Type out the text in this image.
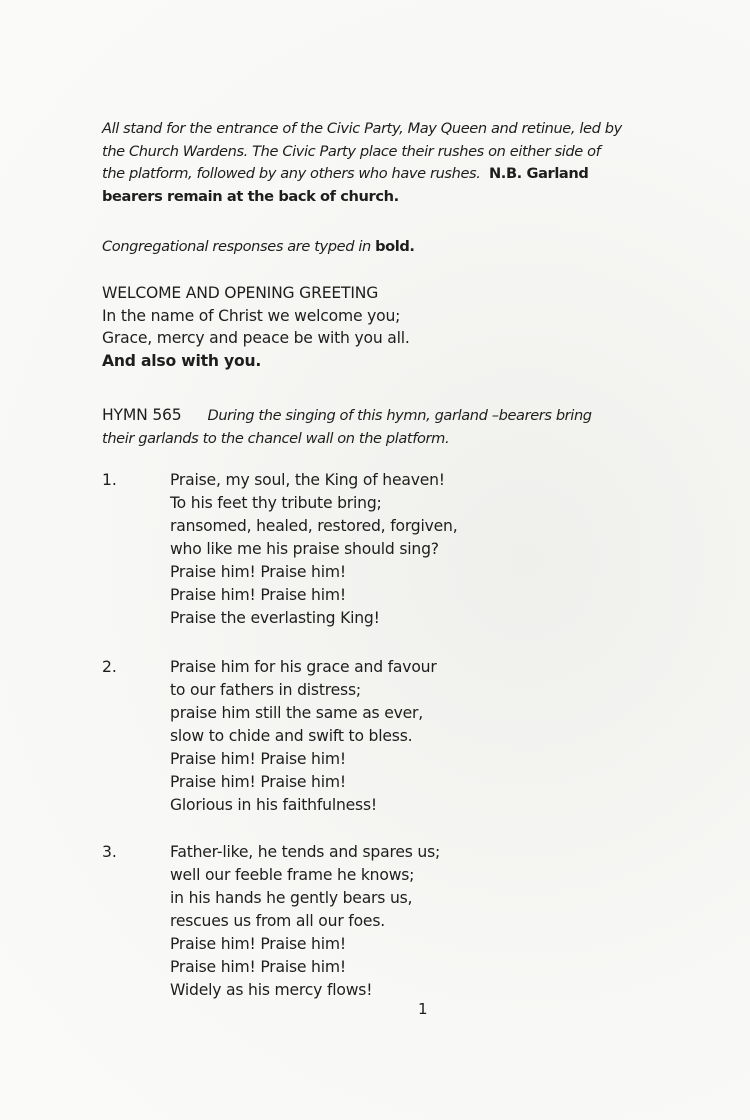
All stand for the entrance of the Civic Party, May Queen and retinue, led by
the Church Wardens. The Civic Party place their rushes on either side of
the platform, followed by any others who have rushes.  N.B. Garland
bearers remain at the back of church.
Congregational responses are typed in bold.
WELCOME AND OPENING GREETING
In the name of Christ we welcome you;
Grace, mercy and peace be with you all.
And also with you.
HYMN 565 During the singing of this hymn, garland –bearers bring
their garlands to the chancel wall on the platform.
1.	Praise, my soul, the King of heaven!
To his feet thy tribute bring;
ransomed, healed, restored, forgiven,
who like me his praise should sing?
Praise him! Praise him!
Praise him! Praise him!
Praise the everlasting King!
2.	Praise him for his grace and favour
to our fathers in distress;
praise him still the same as ever,
slow to chide and swift to bless.
Praise him! Praise him!
Praise him! Praise him!
Glorious in his faithfulness!
3.	Father-like, he tends and spares us;
well our feeble frame he knows;
in his hands he gently bears us,
rescues us from all our foes.
Praise him! Praise him!
Praise him! Praise him!
Widely as his mercy flows!
1
